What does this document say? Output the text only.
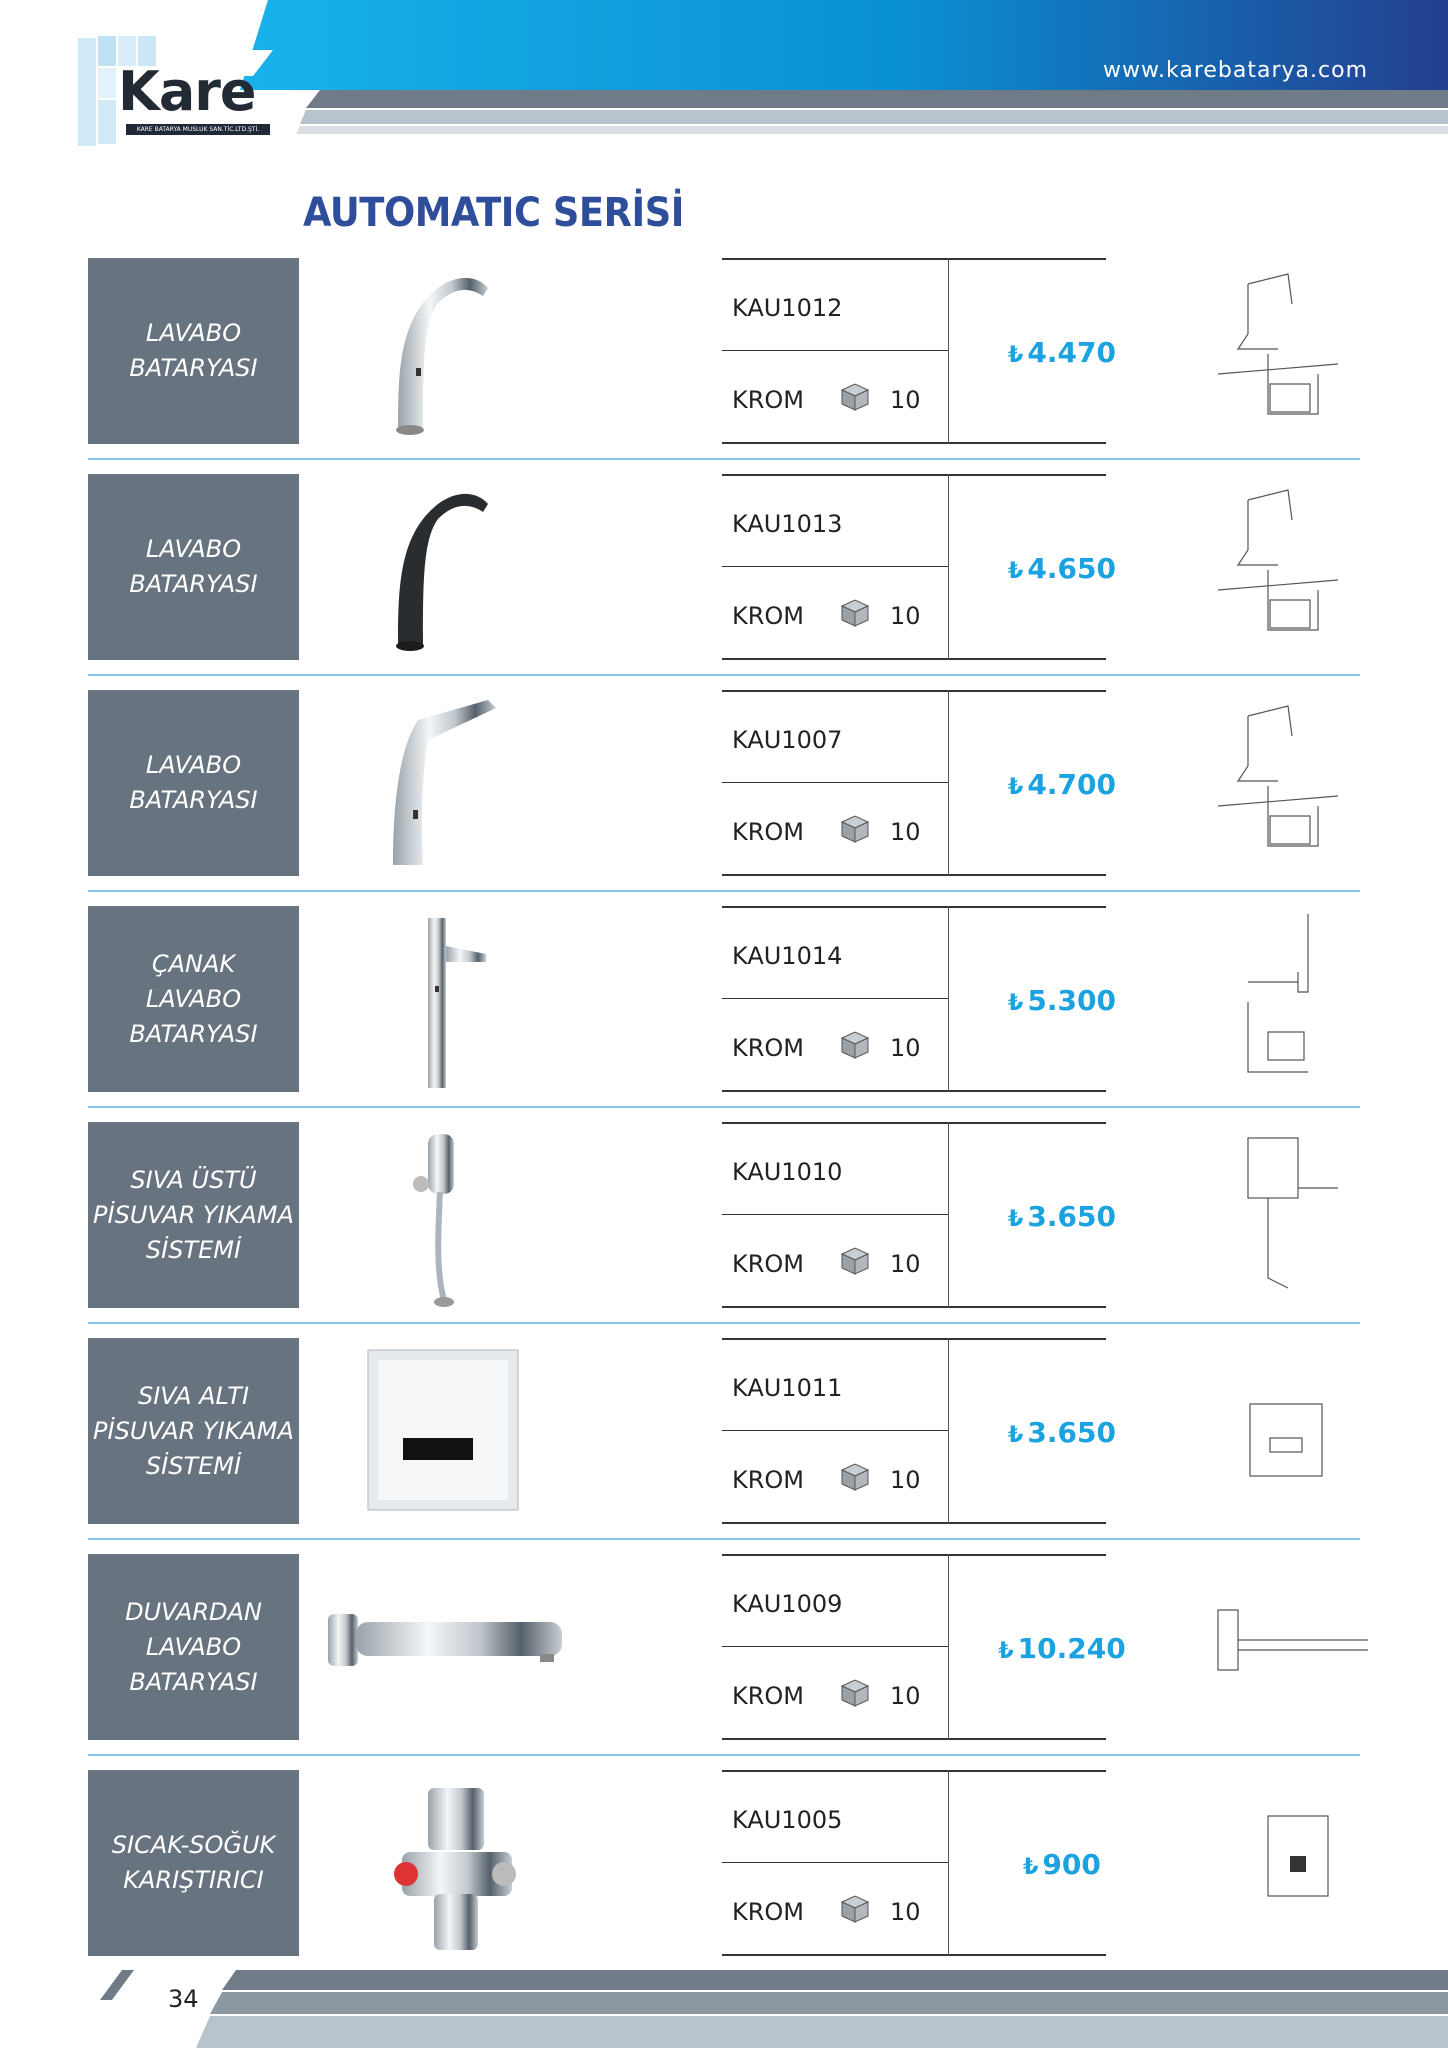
Kare
KARE BATARYA MUSLUK SAN.TİC.LTD.ŞTİ.
www.karebatarya.com
AUTOMATIC SERİSİ
LAVABO
BATARYASI
KAU1012
KROM	10
₺ 4.470
LAVABO
BATARYASI
KAU1013
KROM	10
₺ 4.650
LAVABO
BATARYASI
KAU1007
KROM	10
₺ 4.700
ÇANAK
LAVABO
BATARYASI
KAU1014
KROM	10
₺ 5.300
SIVA ÜSTÜ
PİSUVAR YIKAMA
SİSTEMİ
KAU1010
KROM	10
₺ 3.650
SIVA ALTI
PİSUVAR YIKAMA
SİSTEMİ
KAU1011
KROM	10
₺ 3.650
DUVARDAN
LAVABO
BATARYASI
KAU1009
KROM	10
₺ 10.240
SICAK-SOĞUK
KARIŞTIRICI
KAU1005
KROM	10
₺ 900
34
